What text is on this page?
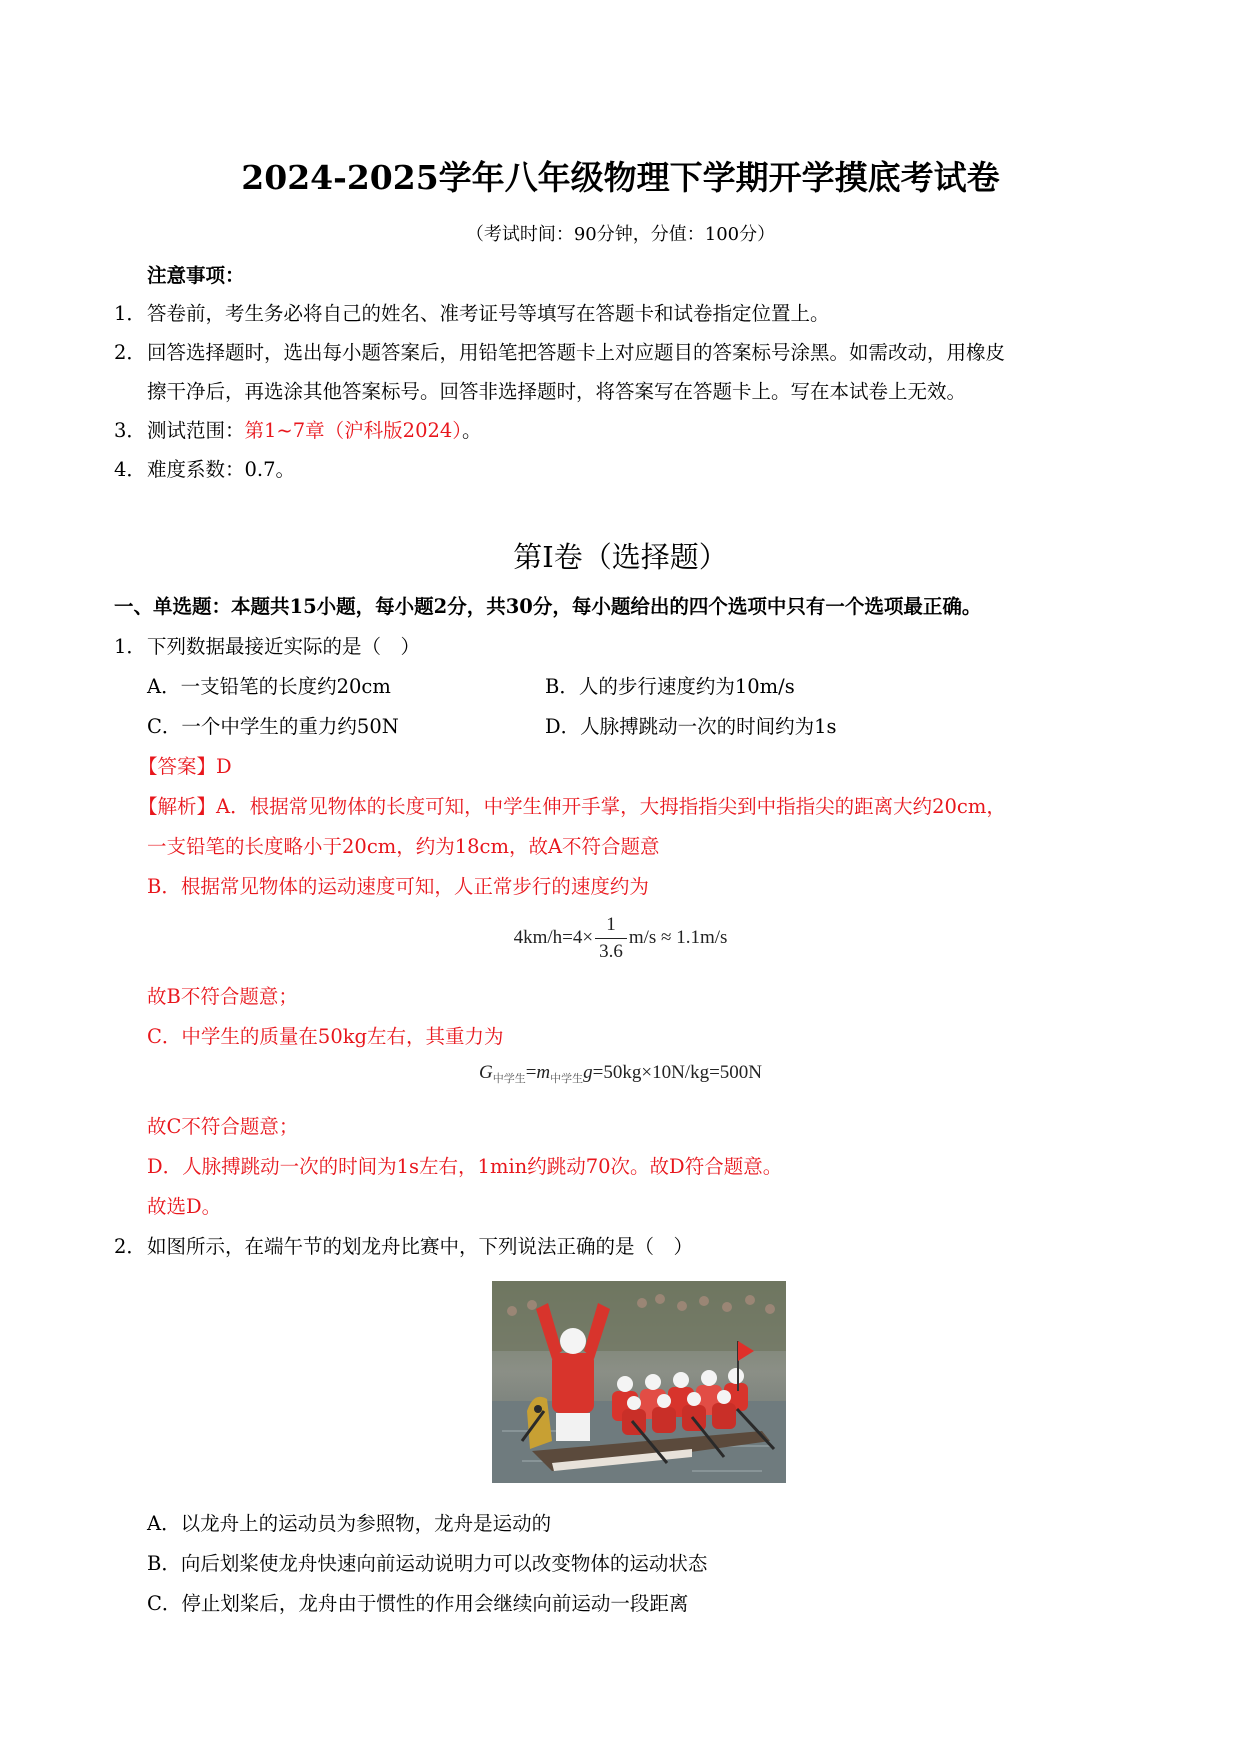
2024-2025学年八年级物理下学期开学摸底考试卷
（考试时间：90分钟，分值：100分）
注意事项：
1． 答卷前，考生务必将自己的姓名、准考证号等填写在答题卡和试卷指定位置上。
2． 回答选择题时，选出每小题答案后，用铅笔把答题卡上对应题目的答案标号涂黑。如需改动，用橡皮
擦干净后，再选涂其他答案标号。回答非选择题时，将答案写在答题卡上。写在本试卷上无效。
3． 测试范围：第1~7章（沪科版2024）。
4． 难度系数：0.7。
第Ⅰ卷（选择题）
一、单选题：本题共15小题，每小题2分，共30分，每小题给出的四个选项中只有一个选项最正确。
1． 下列数据最接近实际的是（　）
A．一支铅笔的长度约20cm	B．人的步行速度约为10m/s
C．一个中学生的重力约50N	D．人脉搏跳动一次的时间约为1s
【答案】D
【解析】A．根据常见物体的长度可知，中学生伸开手掌，大拇指指尖到中指指尖的距离大约20cm，
一支铅笔的长度略小于20cm，约为18cm，故A不符合题意
B．根据常见物体的运动速度可知，人正常步行的速度约为
$4km/h=4\times \frac{1}{3.6} m/s \approx 1.1m/s$
故B不符合题意；
C．中学生的质量在50kg左右，其重力为
$G_{中学生}=m_{中学生}g=50kg\times 10N/kg=500N$
故C不符合题意；
D．人脉搏跳动一次的时间为1s左右，1min约跳动70次。故D符合题意。
故选D。
2． 如图所示，在端午节的划龙舟比赛中，下列说法正确的是（　）
A．以龙舟上的运动员为参照物，龙舟是运动的
B．向后划桨使龙舟快速向前运动说明力可以改变物体的运动状态
C．停止划桨后，龙舟由于惯性的作用会继续向前运动一段距离
